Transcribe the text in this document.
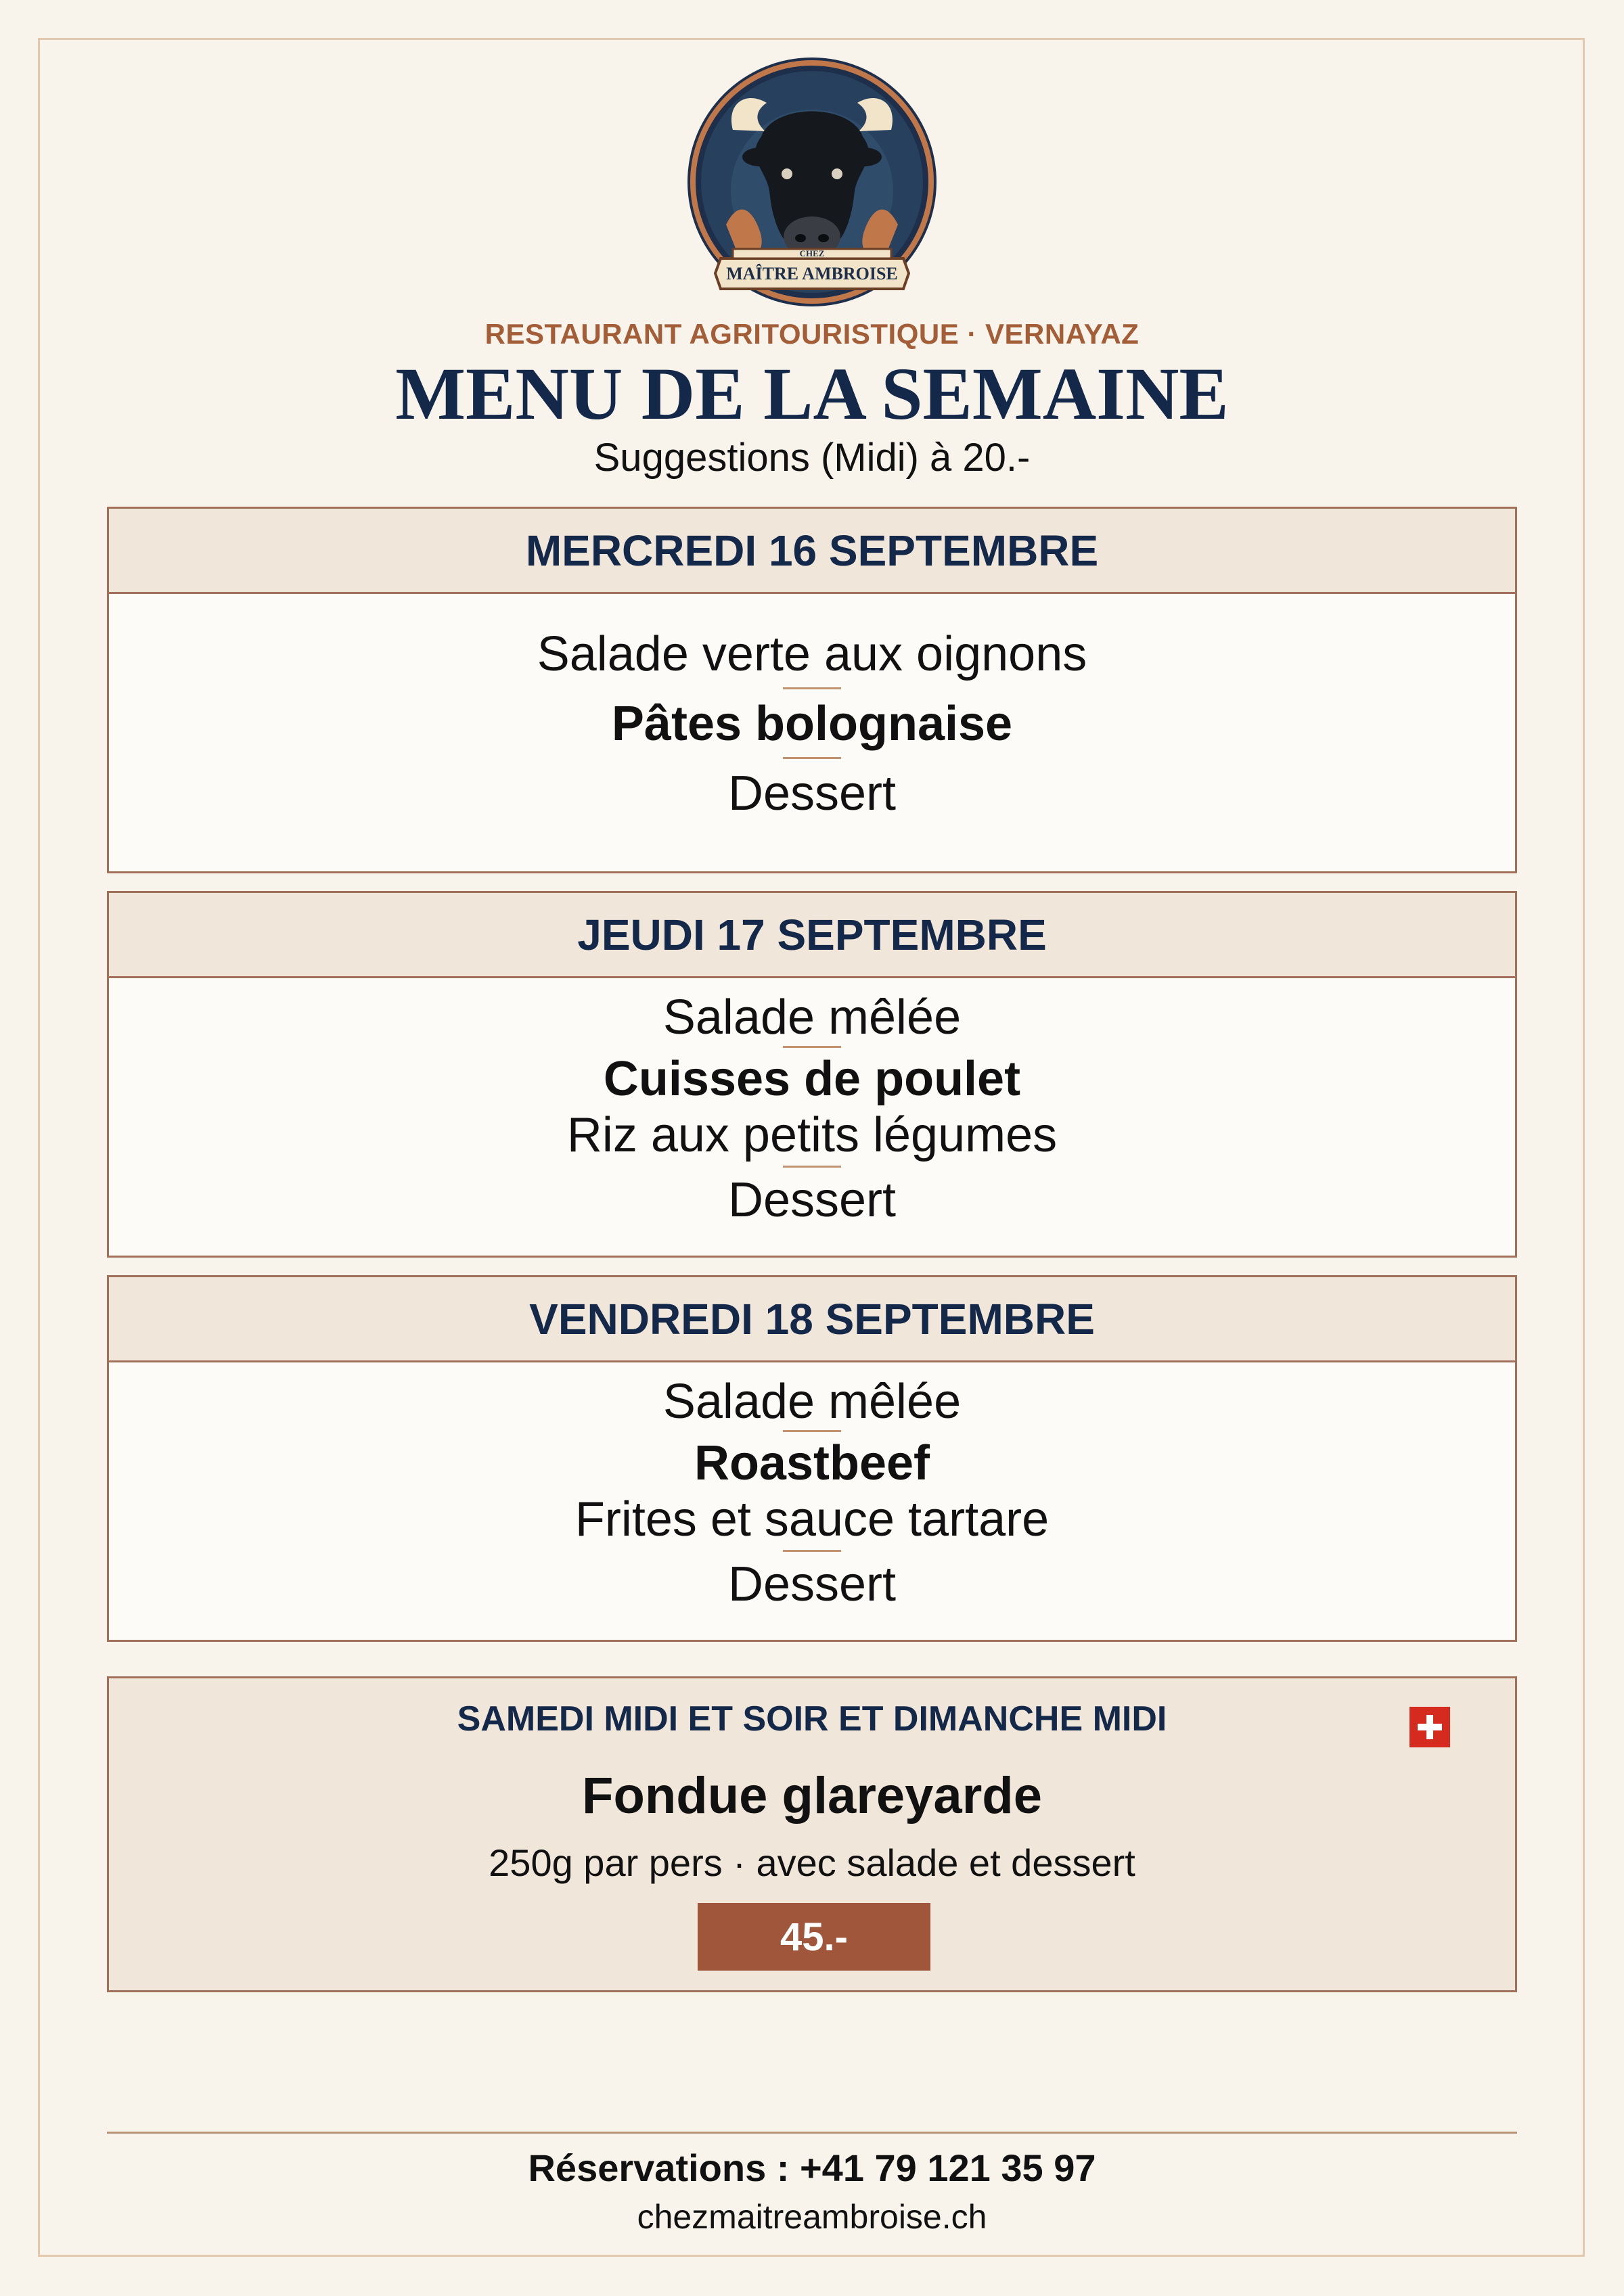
CHEZ
MAÎTRE AMBROISE
RESTAURANT AGRITOURISTIQUE · VERNAYAZ
MENU DE LA SEMAINE
Suggestions (Midi) à 20.-
MERCREDI 16 SEPTEMBRE
Salade verte aux oignons
Pâtes bolognaise
Dessert
JEUDI 17 SEPTEMBRE
Salade mêlée
Cuisses de poulet
Riz aux petits légumes
Dessert
VENDREDI 18 SEPTEMBRE
Salade mêlée
Roastbeef
Frites et sauce tartare
Dessert
SAMEDI MIDI ET SOIR ET DIMANCHE MIDI
Fondue glareyarde
250g par pers · avec salade et dessert
45.-
Réservations : +41 79 121 35 97
chezmaitreambroise.ch
